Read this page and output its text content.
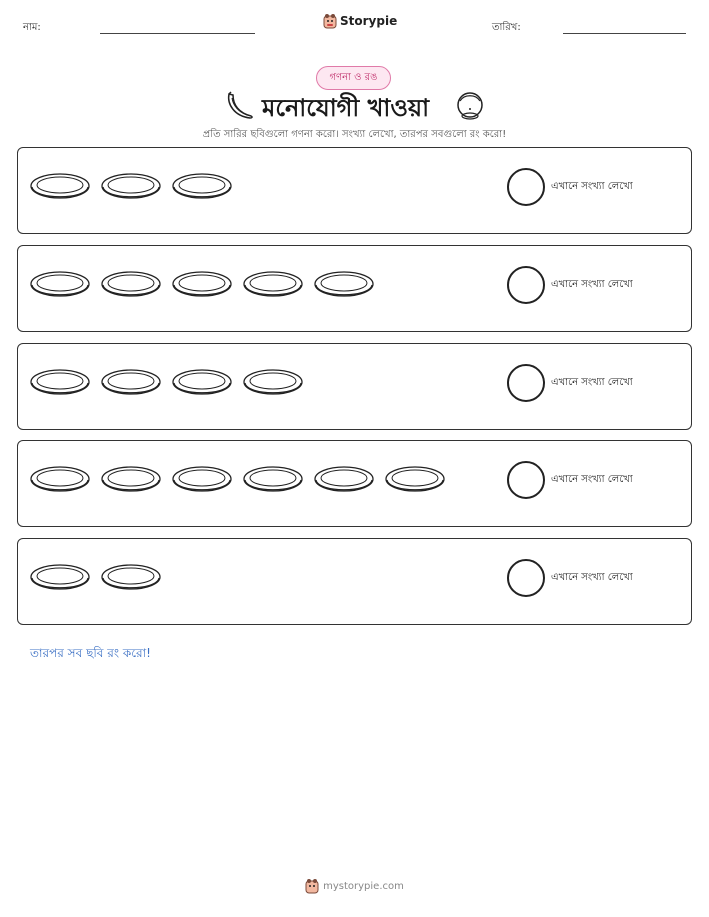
নাম:	Storypie	তারিখ:
গণনা ও রঙ
মনোযোগী খাওয়া
প্রতি সারির ছবিগুলো গণনা করো। সংখ্যা লেখো, তারপর সবগুলো রং করো!
এখানে সংখ্যা লেখো
এখানে সংখ্যা লেখো
এখানে সংখ্যা লেখো
এখানে সংখ্যা লেখো
এখানে সংখ্যা লেখো
তারপর সব ছবি রং করো!
mystorypie.com
